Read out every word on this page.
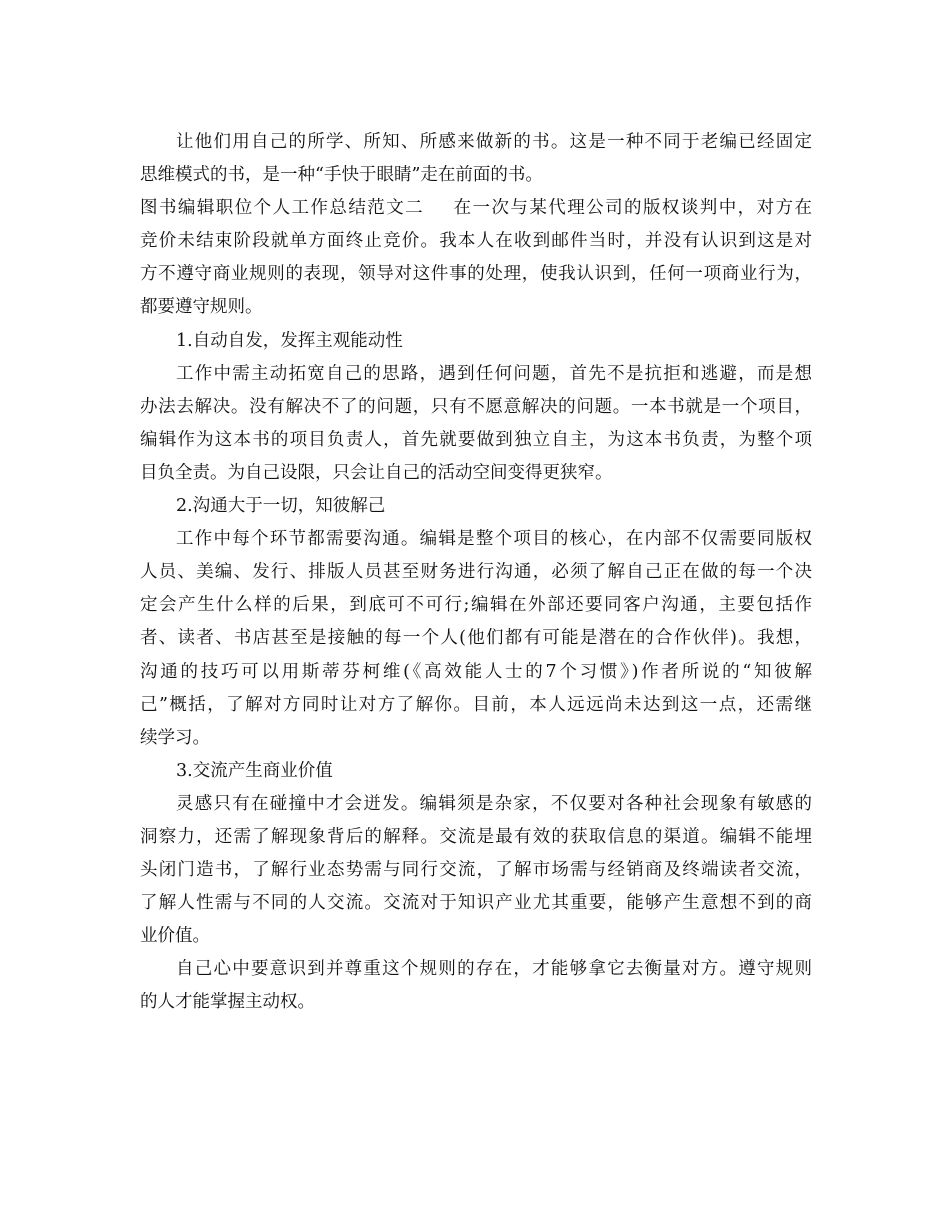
让他们用自己的所学、所知、所感来做新的书。这是一种不同于老编已经固定
思维模式的书，是一种“手快于眼睛”走在前面的书。
图书编辑职位个人工作总结范文二 在一次与某代理公司的版权谈判中，对方在
竞价未结束阶段就单方面终止竞价。我本人在收到邮件当时，并没有认识到这是对
方不遵守商业规则的表现，领导对这件事的处理，使我认识到，任何一项商业行为，
都要遵守规则。
1.自动自发，发挥主观能动性
工作中需主动拓宽自己的思路，遇到任何问题，首先不是抗拒和逃避，而是想
办法去解决。没有解决不了的问题，只有不愿意解决的问题。一本书就是一个项目，
编辑作为这本书的项目负责人，首先就要做到独立自主，为这本书负责，为整个项
目负全责。为自己设限，只会让自己的活动空间变得更狭窄。
2.沟通大于一切，知彼解己
工作中每个环节都需要沟通。编辑是整个项目的核心，在内部不仅需要同版权
人员、美编、发行、排版人员甚至财务进行沟通，必须了解自己正在做的每一个决
定会产生什么样的后果，到底可不可行;编辑在外部还要同客户沟通，主要包括作
者、读者、书店甚至是接触的每一个人(他们都有可能是潜在的合作伙伴)。我想，
沟通的技巧可以用斯蒂芬柯维(《高效能人士的7个习惯》)作者所说的“知彼解
己”概括，了解对方同时让对方了解你。目前，本人远远尚未达到这一点，还需继
续学习。
3.交流产生商业价值
灵感只有在碰撞中才会迸发。编辑须是杂家，不仅要对各种社会现象有敏感的
洞察力，还需了解现象背后的解释。交流是最有效的获取信息的渠道。编辑不能埋
头闭门造书，了解行业态势需与同行交流，了解市场需与经销商及终端读者交流，
了解人性需与不同的人交流。交流对于知识产业尤其重要，能够产生意想不到的商
业价值。
自己心中要意识到并尊重这个规则的存在，才能够拿它去衡量对方。遵守规则
的人才能掌握主动权。
